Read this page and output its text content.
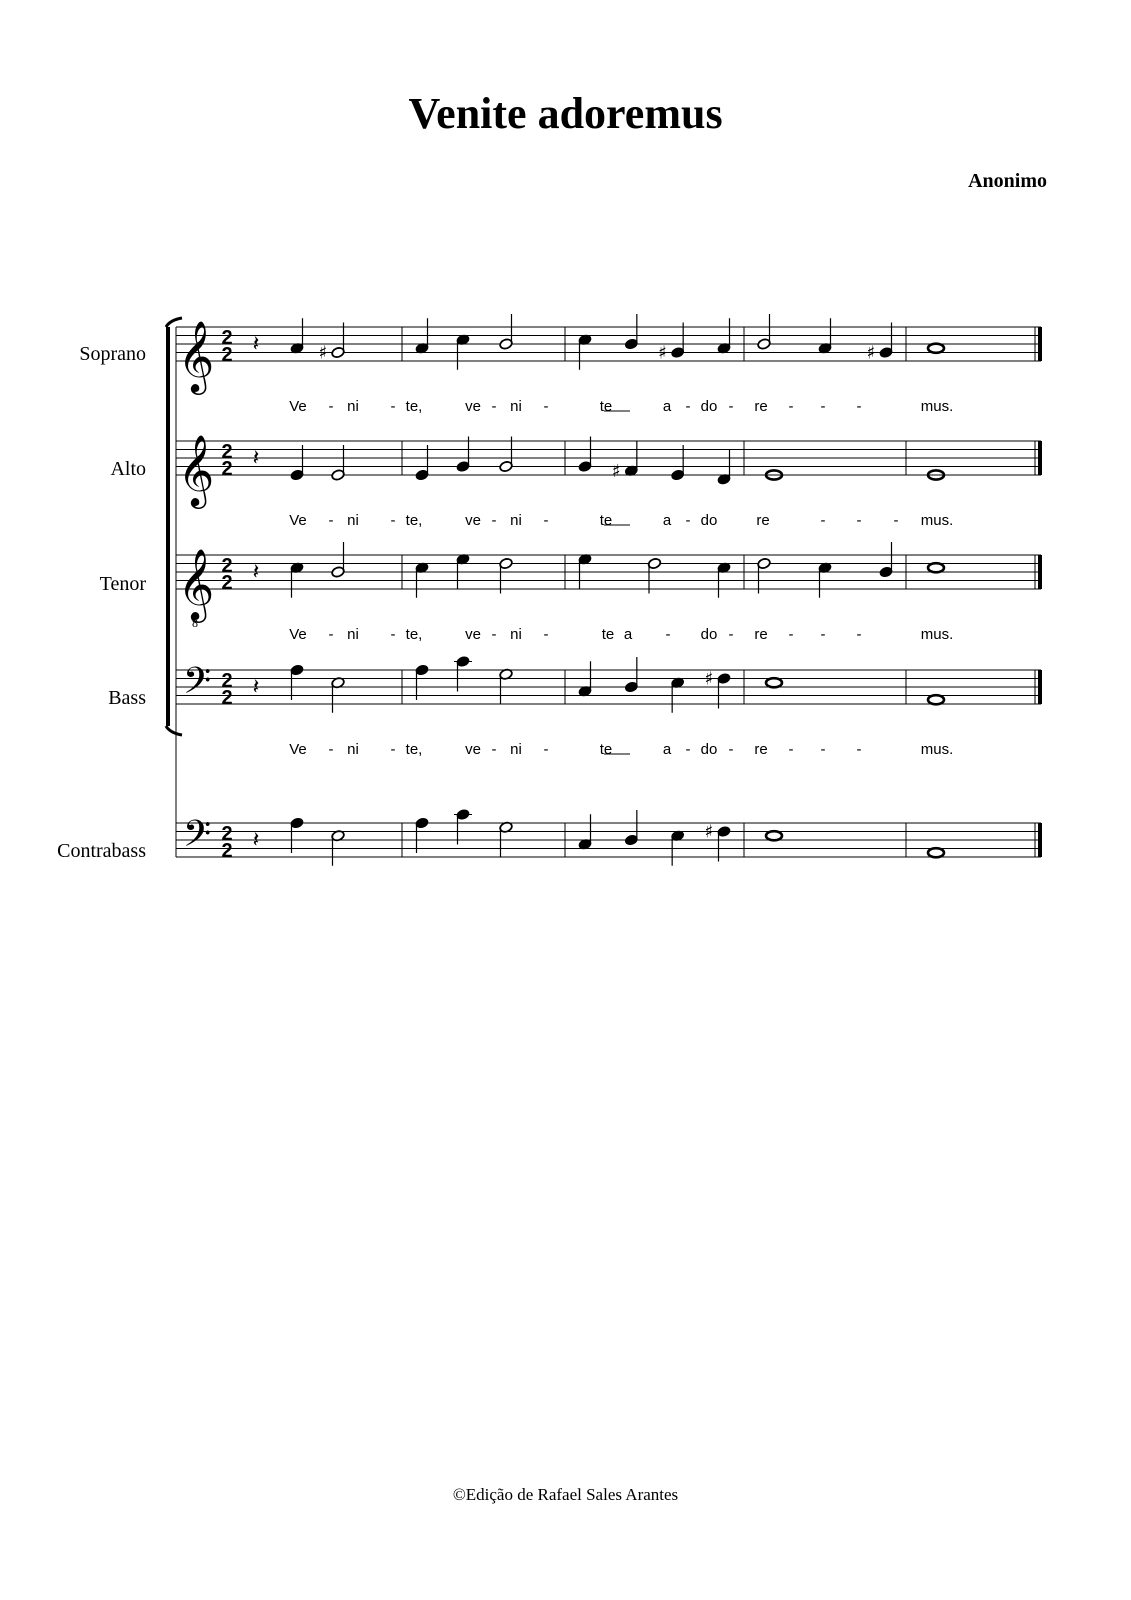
Venite adoremus
Anonimo
Soprano
Alto
Tenor
Bass
Contrabass
𝄞 2
2 𝄽	♯	♯	♯
Ve - ni - te,	ve - ni -	te	a - do - re - - -	mus.
𝄞 2
2 𝄽
♯
Ve - ni - te,	ve - ni -	te	a - do	re	- - - mus.
𝄞
8
2
2 𝄽
Ve - ni - te,	ve - ni -	te a - do - re - - -	mus.
𝄢 2
2 𝄽	♯
Ve - ni - te,	ve - ni -	te	a - do - re - - -	mus.
𝄢 2
2 𝄽	♯
©Edição de Rafael Sales Arantes
